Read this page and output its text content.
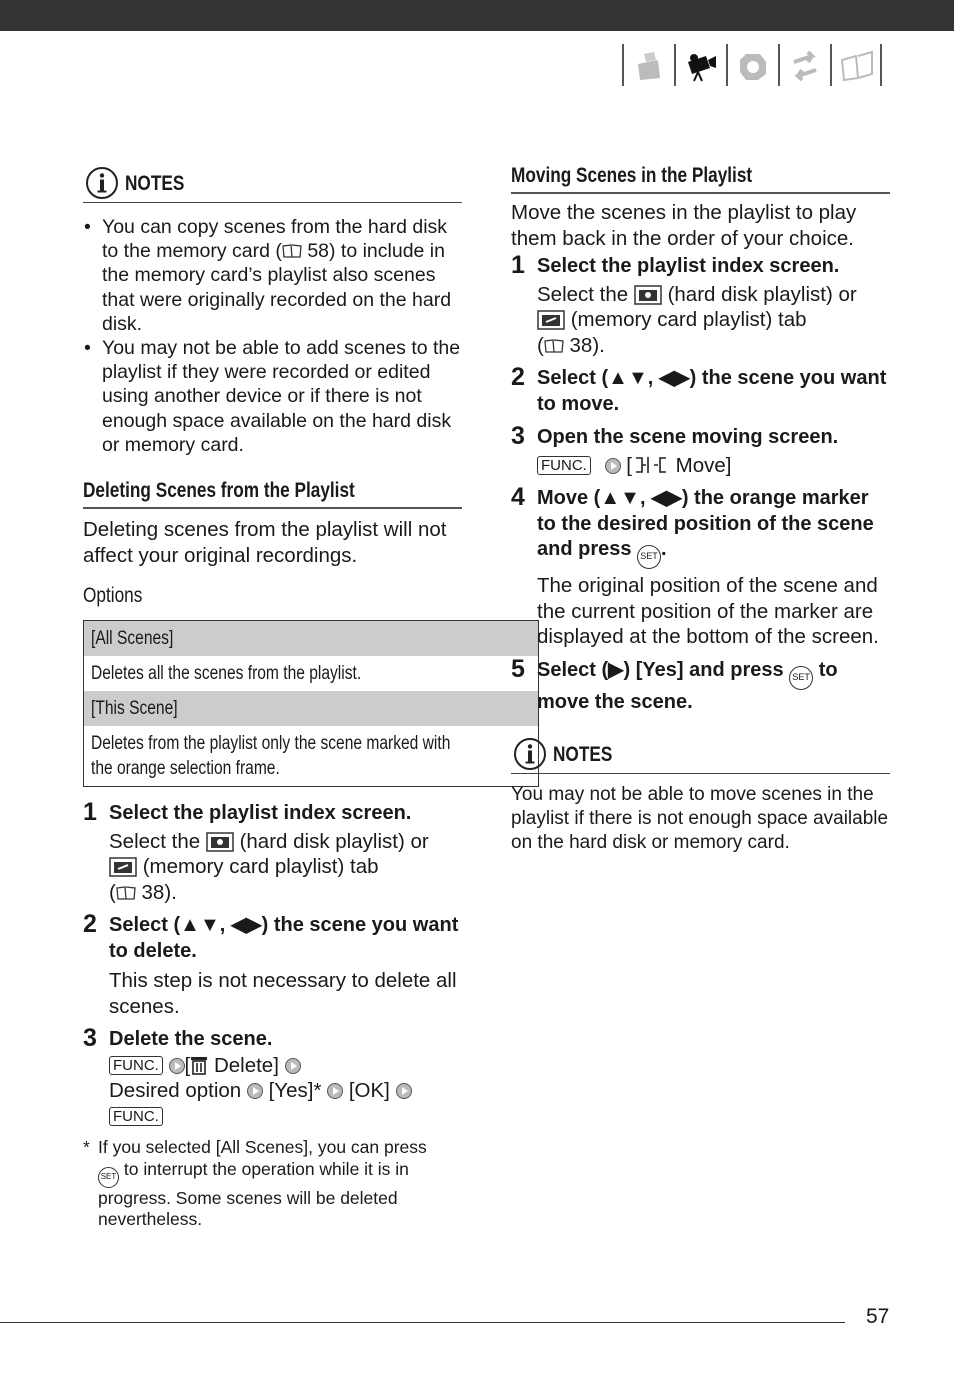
NOTES
• You can copy scenes from the hard disk to the memory card ( 58) to include in the memory card’s playlist also scenes that were originally recorded on the hard disk.
• You may not be able to add scenes to the playlist if they were recorded or edited using another device or if there is not enough space available on the hard disk or memory card.
Deleting Scenes from the Playlist
Deleting scenes from the playlist will not affect your original recordings.
Options
[All Scenes]
Deletes all the scenes from the playlist.
[This Scene]
Deletes from the playlist only the scene marked with the orange selection frame.
1 Select the playlist index screen.
Select the (hard disk playlist) or
(memory card playlist) tab
( 38).
2 Select (▲▼, ◀▶) the scene you want to delete.
This step is not necessary to delete all scenes.
3 Delete the scene.
FUNC. [ Delete]
Desired option [Yes]* [OK]
FUNC.
* If you selected [All Scenes], you can press
SET to interrupt the operation while it is in progress. Some scenes will be deleted nevertheless.
Moving Scenes in the Playlist
Move the scenes in the playlist to play them back in the order of your choice.
1 Select the playlist index screen.
Select the (hard disk playlist) or
(memory card playlist) tab
( 38).
2 Select (▲▼, ◀▶) the scene you want to move.
3 Open the scene moving screen.
FUNC.  [ Move]
4 Move (▲▼, ◀▶) the orange marker to the desired position of the scene and press SET .
The original position of the scene and the current position of the marker are displayed at the bottom of the screen.
5 Select (▶) [Yes] and press SET to move the scene.
NOTES
You may not be able to move scenes in the playlist if there is not enough space available on the hard disk or memory card.
57
